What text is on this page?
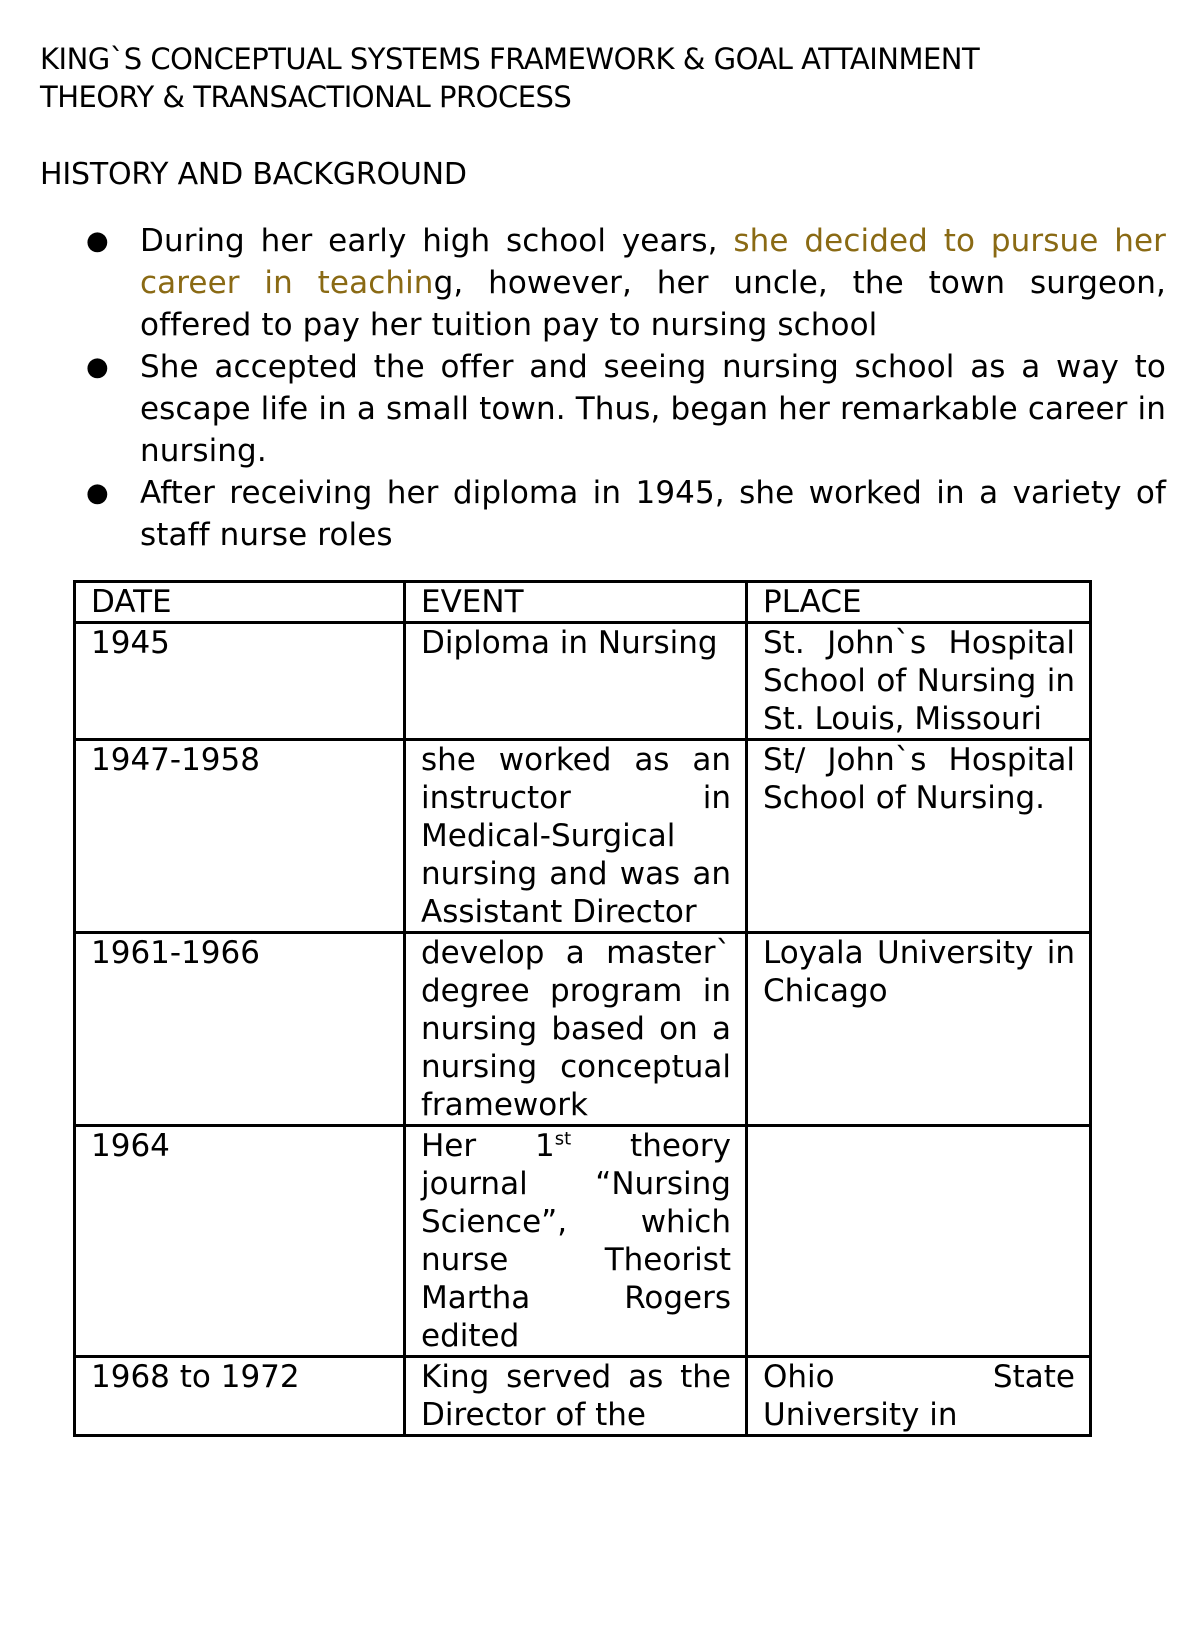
KING`S CONCEPTUAL SYSTEMS FRAMEWORK & GOAL ATTAINMENT
THEORY & TRANSACTIONAL PROCESS
HISTORY AND BACKGROUND
● During her early high school years, she decided to pursue her career in teaching, however, her uncle, the town surgeon, offered to pay her tuition pay to nursing school
● She accepted the offer and seeing nursing school as a way to escape life in a small town. Thus, began her remarkable career in nursing.
● After receiving her diploma in 1945, she worked in a variety of staff nurse roles
DATE	EVENT	PLACE
1945	Diploma in Nursing	St. John`s Hospital School of Nursing in St. Louis, Missouri
1947-1958	she worked as an instructor in Medical-Surgical nursing and was an Assistant Director	St/ John`s Hospital School of Nursing.
1961-1966	develop a master` degree program in nursing based on a nursing conceptual framework	Loyala University in Chicago
1964	Her 1st theory journal “Nursing Science”, which nurse Theorist Martha Rogers edited	
1968 to 1972	King served as the Director of the	Ohio State University in
